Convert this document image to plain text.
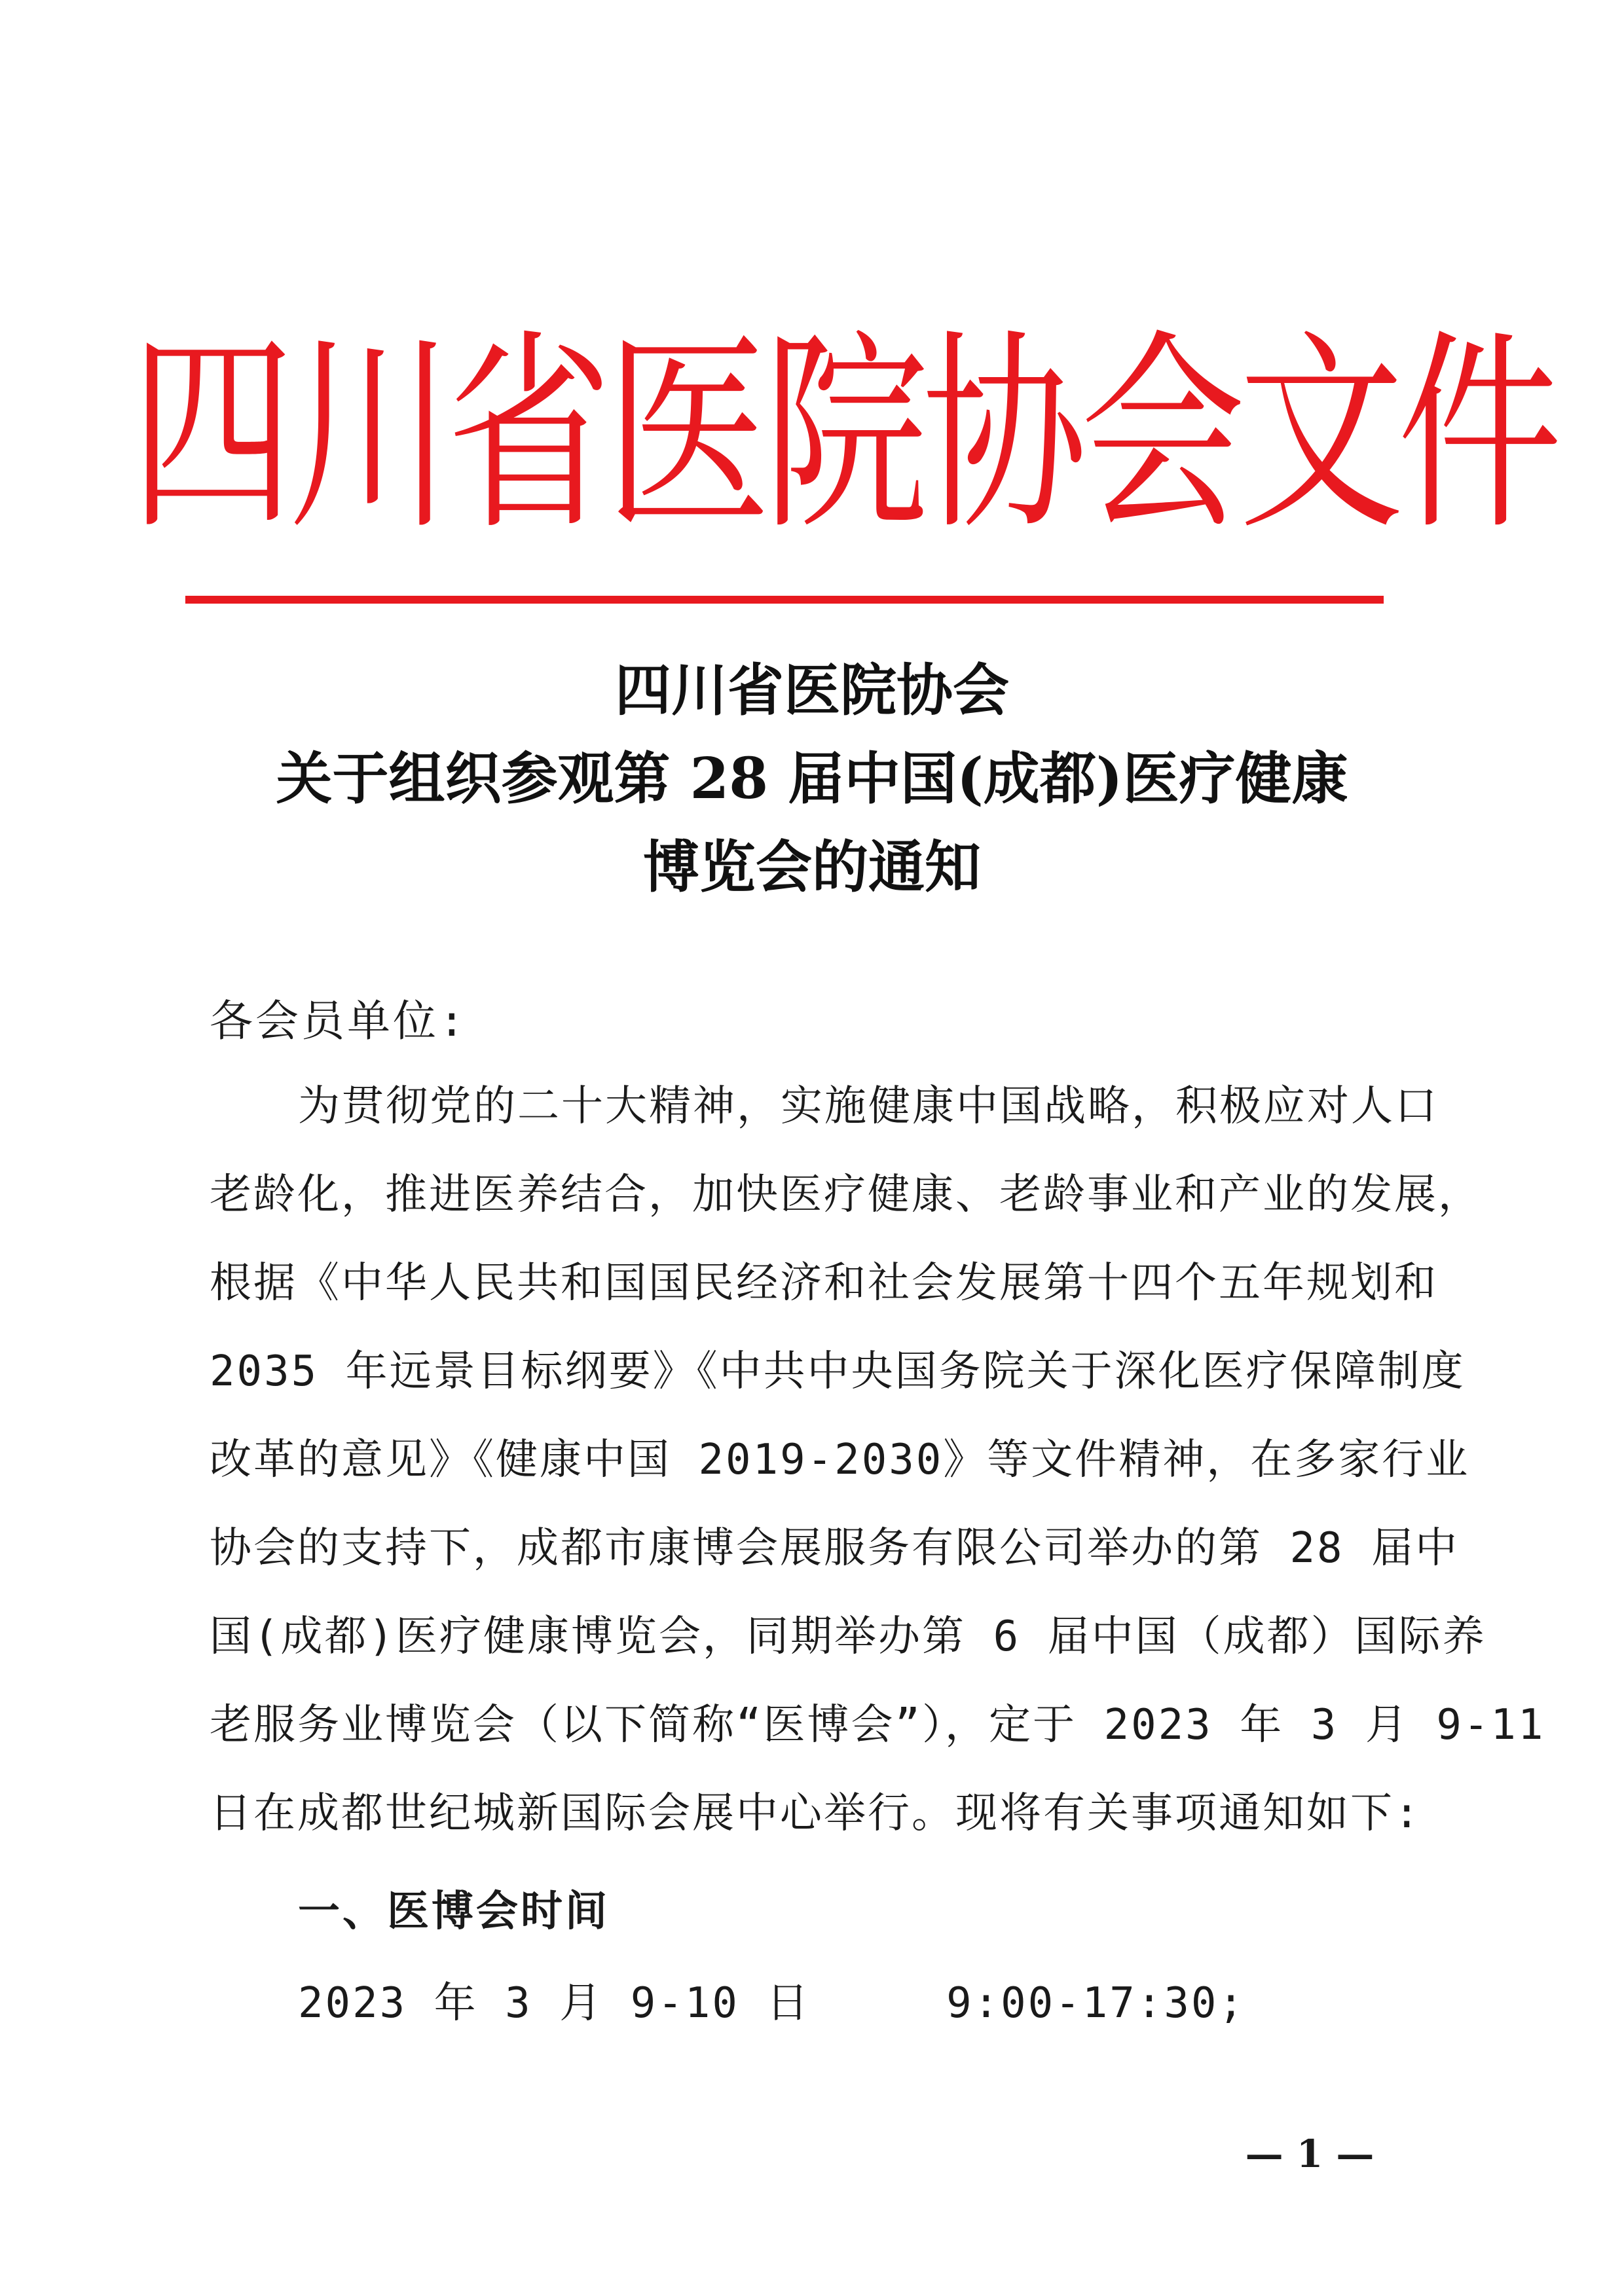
四川省医院协会文件
四川省医院协会
关于组织参观第 28 届中国(成都)医疗健康
博览会的通知
各会员单位:
为贯彻党的二十大精神，实施健康中国战略，积极应对人口
老龄化，推进医养结合，加快医疗健康、老龄事业和产业的发展，
根据《中华人民共和国国民经济和社会发展第十四个五年规划和
2035 年远景目标纲要》《中共中央国务院关于深化医疗保障制度
改革的意见》《健康中国 2019-2030》等文件精神，在多家行业
协会的支持下，成都市康博会展服务有限公司举办的第 28 届中
国(成都)医疗健康博览会，同期举办第 6 届中国（成都）国际养
老服务业博览会（以下简称“医博会”），定于 2023 年 3 月 9-11
日在成都世纪城新国际会展中心举行。现将有关事项通知如下:
一、医博会时间
2023 年 3 月 9-10 日     9:00-17:30;
— 1 —
